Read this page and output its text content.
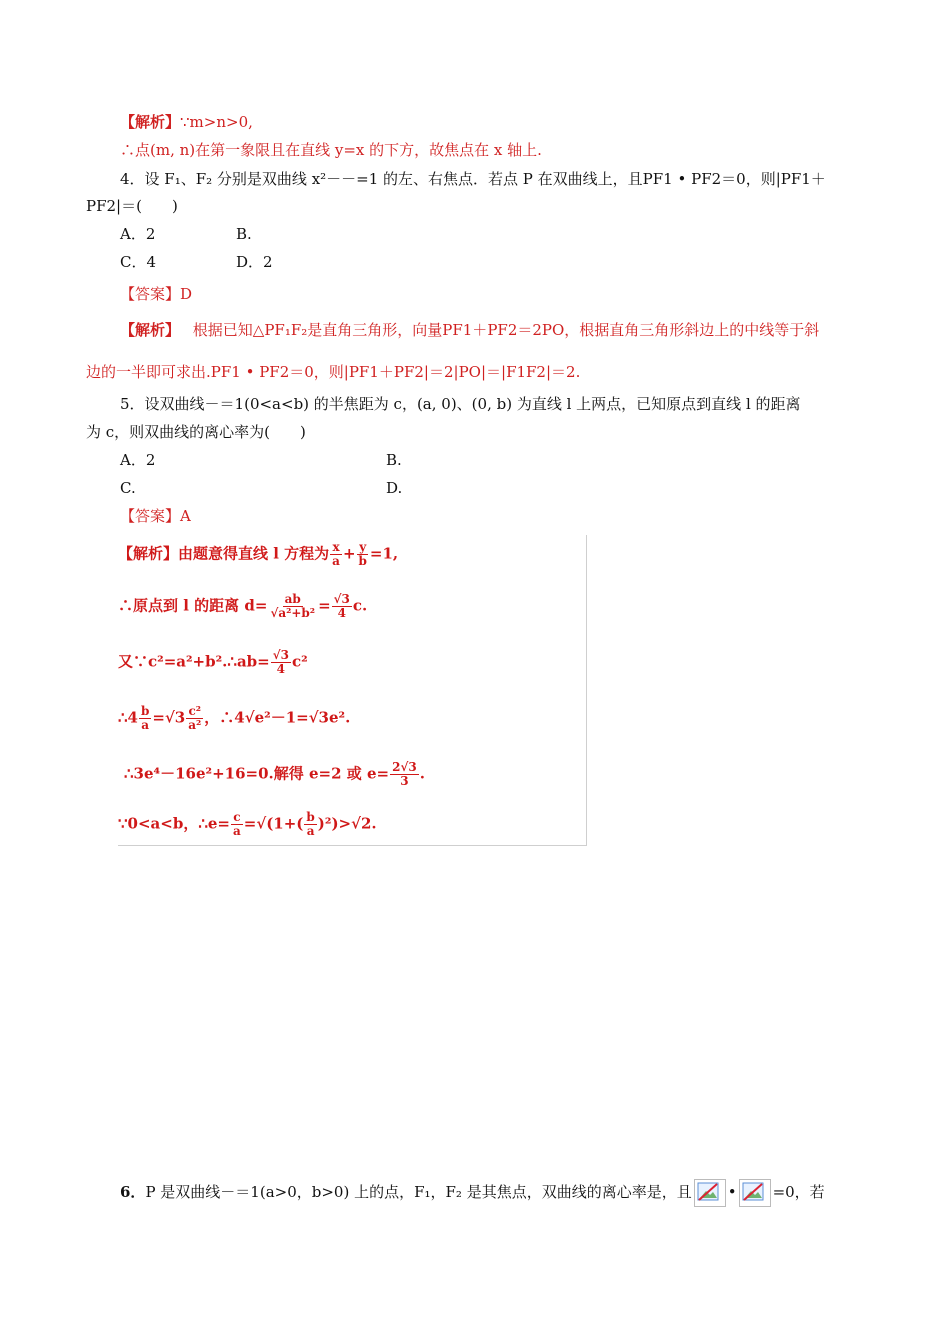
【解析】∵m>n>0,
∴点(m, n)在第一象限且在直线 y=x 的下方，故焦点在 x 轴上.
4．设 F₁、F₂ 分别是双曲线 x²－－=1 的左、右焦点．若点 P 在双曲线上，且PF1 • PF2＝0，则|PF1＋
PF2|＝(　　)
A．2	B.
C．4	D．2
【答案】D
【解析】 根据已知△PF₁F₂是直角三角形，向量PF1＋PF2＝2PO，根据直角三角形斜边上的中线等于斜
边的一半即可求出.PF1 • PF2＝0，则|PF1＋PF2|＝2|PO|＝|F1F2|＝2.
5．设双曲线－＝1(0<a<b) 的半焦距为 c，(a, 0)、(0, b) 为直线 l 上两点，已知原点到直线 l 的距离
为 c，则双曲线的离心率为(　　)
A．2	B.
C.	D.
【答案】A
【解析】由题意得直线 l 方程为 $\frac{x}{a} + \frac{y}{b} =1$,
∴原点到 l 的距离 $d= \frac{ab}{\text{√a²+b²}} = \frac{√3}{4} c$.
又∵c²=a²+b².∴ab= $\frac{√3}{4} c^2$
∴4 $\frac{b}{a} =√3 \frac{\text{c²}}{\text{a²}}$ ，∴4√e²－1=√3e².
∴3e⁴－16e²+16=0.解得 e=2 或 $e= \frac{2√3}{3}$ .
∵0<a<b，∴e= $\frac{c}{a} =√(1+( \frac{b}{a} )^2)>√2$.
6．P 是双曲线－＝1(a>0，b>0) 上的点，F₁，F₂ 是其焦点，双曲线的离心率是，且 • =0，若
